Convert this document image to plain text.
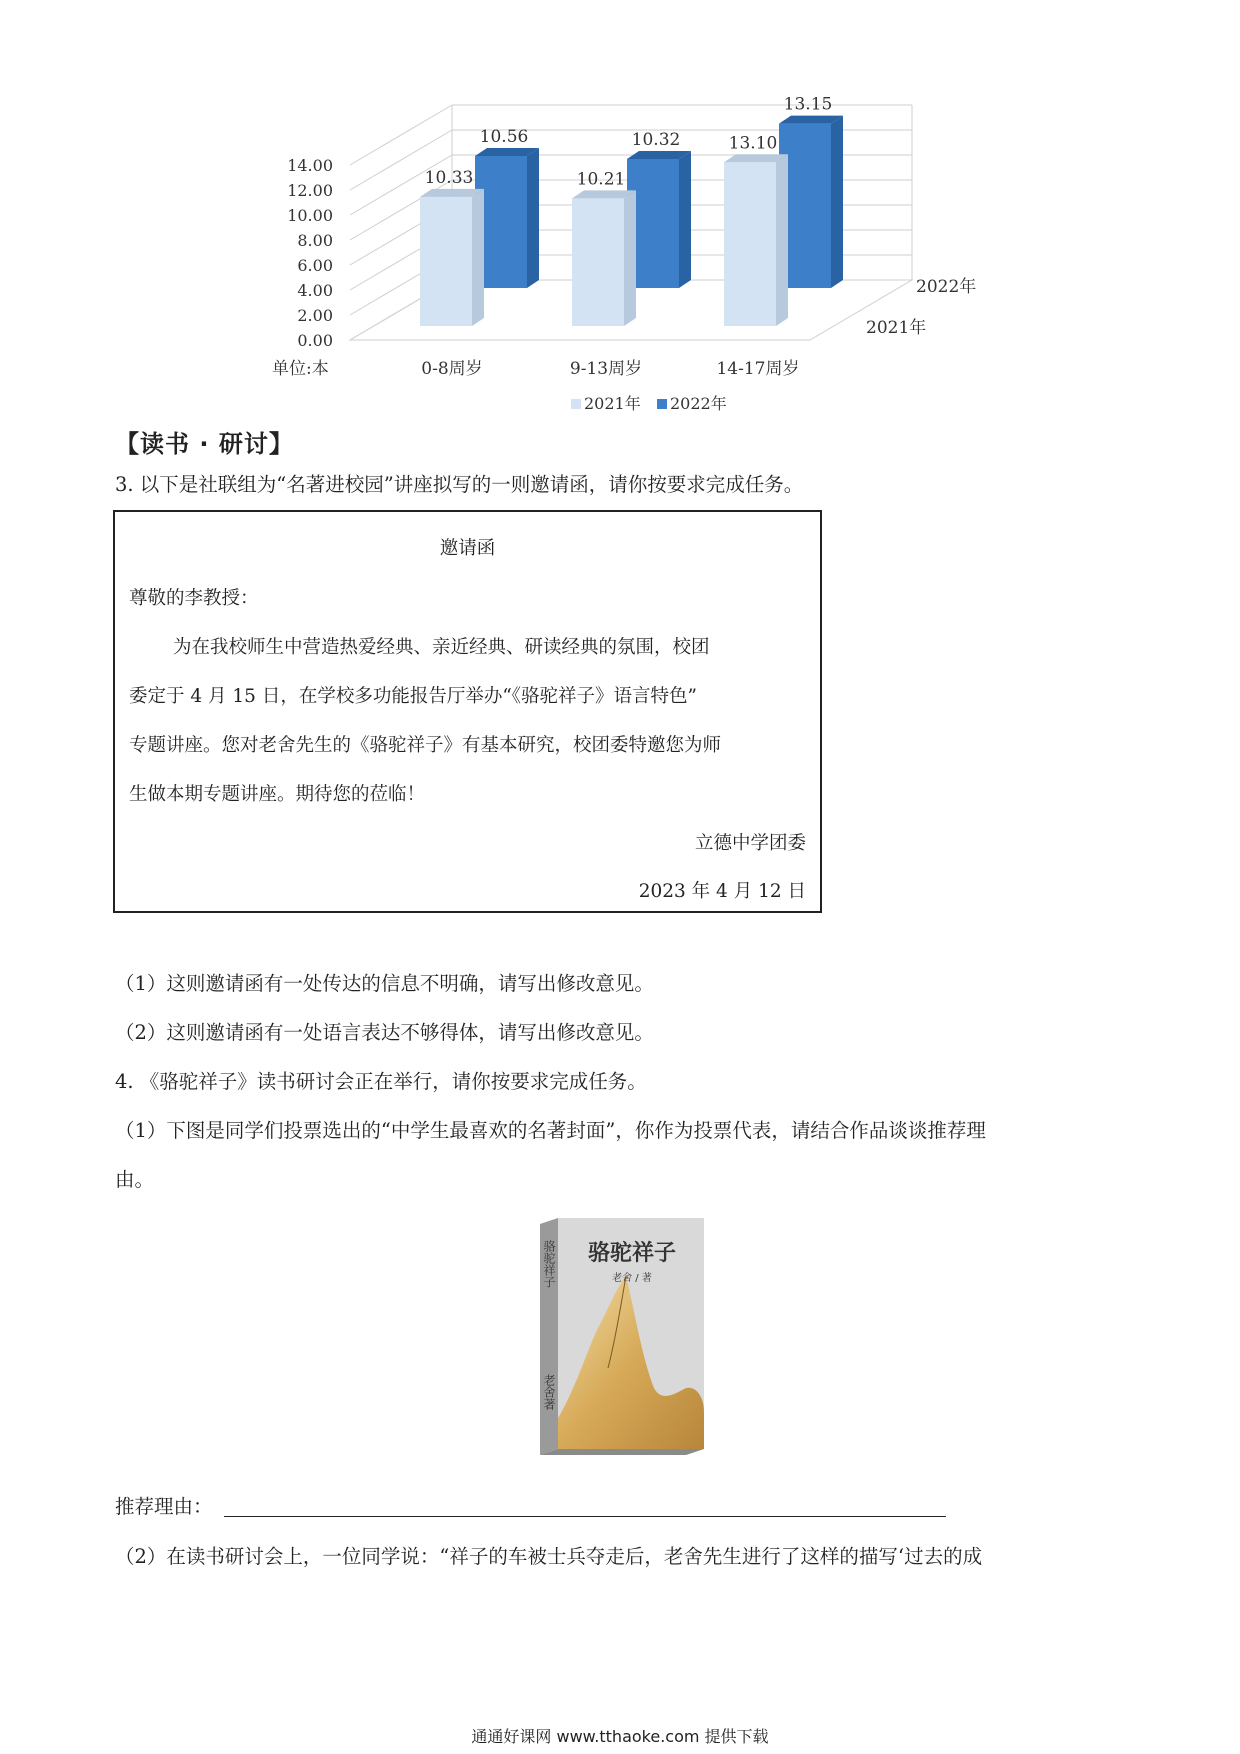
0.00
2.00
4.00
6.00
8.00
10.00
12.00
14.00
10.56	10.32
13.15
10.33	10.21
13.10
0-8周岁	9-13周岁	14-17周岁
单位:本
2022年
2021年
2021年 2022年
【读书 · 研讨】
3. 以下是社联组为“名著进校园”讲座拟写的一则邀请函，请你按要求完成任务。
邀请函
尊敬的李教授：
为在我校师生中营造热爱经典、亲近经典、研读经典的氛围，校团
委定于 4 月 15 日，在学校多功能报告厅举办“《骆驼祥子》语言特色”
专题讲座。您对老舍先生的《骆驼祥子》有基本研究，校团委特邀您为师
生做本期专题讲座。期待您的莅临！
立德中学团委
2023 年 4 月 12 日
（1）这则邀请函有一处传达的信息不明确，请写出修改意见。
（2）这则邀请函有一处语言表达不够得体，请写出修改意见。
4. 《骆驼祥子》读书研讨会正在举行，请你按要求完成任务。
（1）下图是同学们投票选出的“中学生最喜欢的名著封面”，你作为投票代表，请结合作品谈谈推荐理
由。
骆驼祥子
老舍 / 著
骆驼祥子
老舍著
推荐理由：
（2）在读书研讨会上，一位同学说：“祥子的车被士兵夺走后，老舍先生进行了这样的描写‘过去的成
通通好课网 www.tthaoke.com 提供下载
